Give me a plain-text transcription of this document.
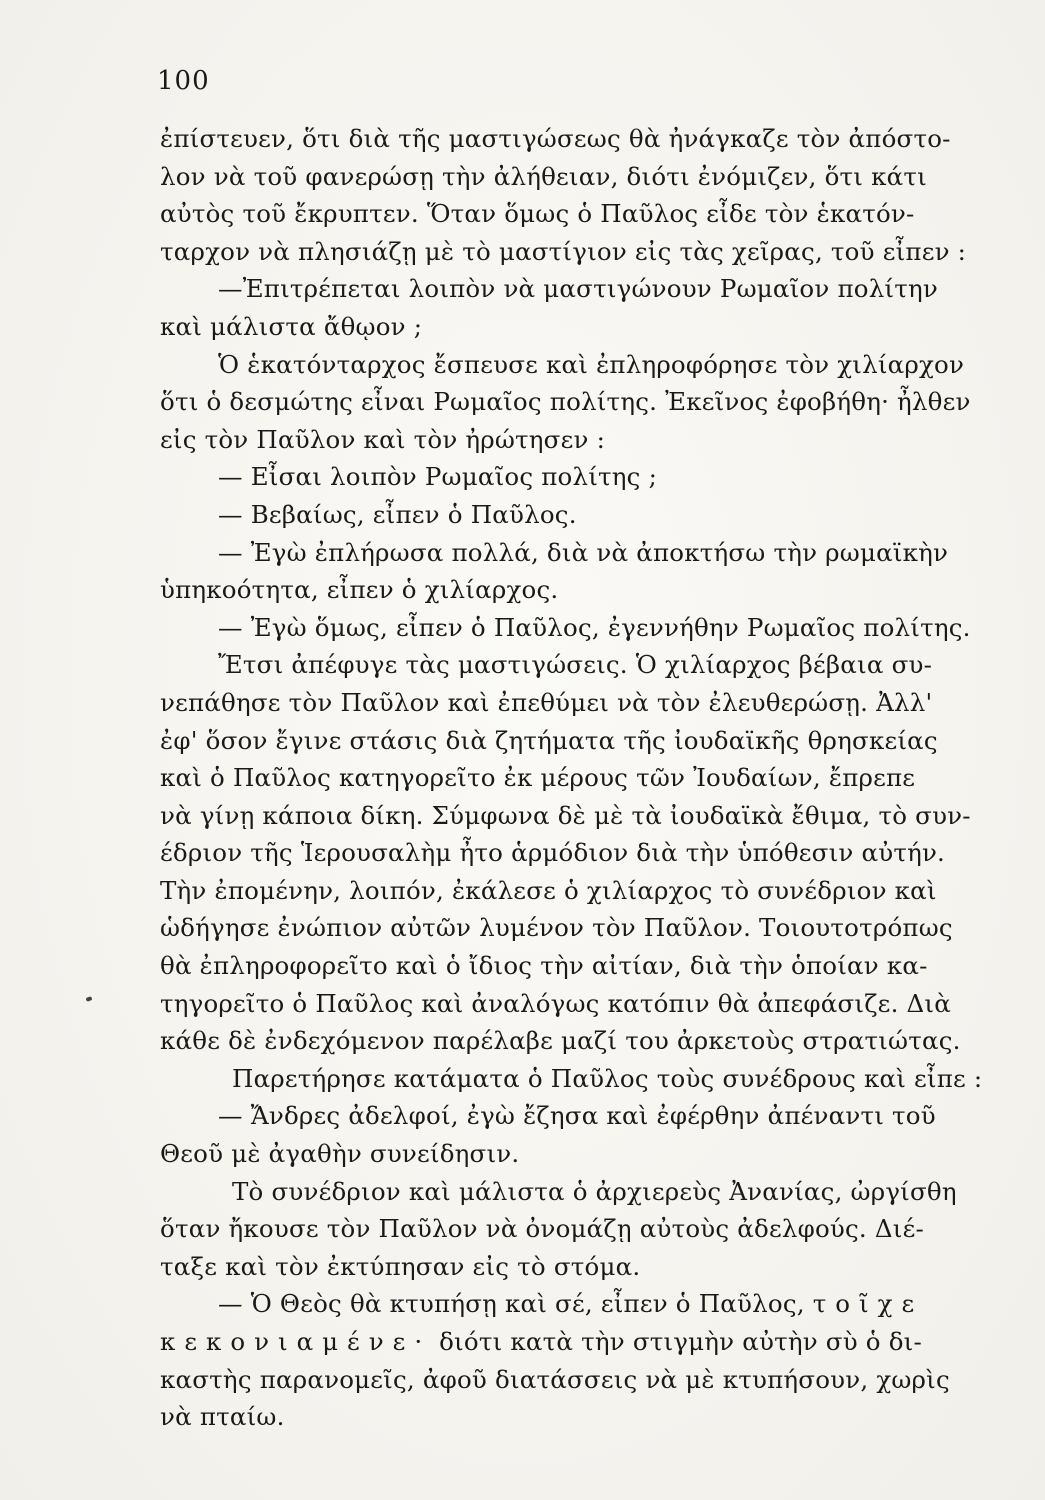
100
ἐπίστευεν, ὅτι διὰ τῆς μαστιγώσεως θὰ ἠνάγκαζε τὸν ἀπόστο-
λον νὰ τοῦ φανερώσῃ τὴν ἀλήθειαν, διότι ἐνόμιζεν, ὅτι κάτι
αὐτὸς τοῦ ἔκρυπτεν. Ὅταν ὅμως ὁ Παῦλος εἶδε τὸν ἑκατόν-
ταρχον νὰ πλησιάζῃ μὲ τὸ μαστίγιον εἰς τὰς χεῖρας, τοῦ εἶπεν :
—Ἐπιτρέπεται λοιπὸν νὰ μαστιγώνουν Ρωμαῖον πολίτην
καὶ μάλιστα ἄθῳον ;
Ὁ ἑκατόνταρχος ἔσπευσε καὶ ἐπληροφόρησε τὸν χιλίαρχον
ὅτι ὁ δεσμώτης εἶναι Ρωμαῖος πολίτης. Ἐκεῖνος ἐφοβήθη· ἦλθεν
εἰς τὸν Παῦλον καὶ τὸν ἠρώτησεν :
— Εἶσαι λοιπὸν Ρωμαῖος πολίτης ;
— Βεβαίως, εἶπεν ὁ Παῦλος.
— Ἐγὼ ἐπλήρωσα πολλά, διὰ νὰ ἀποκτήσω τὴν ρωμαϊκὴν
ὑπηκοότητα, εἶπεν ὁ χιλίαρχος.
— Ἐγὼ ὅμως, εἶπεν ὁ Παῦλος, ἐγεννήθην Ρωμαῖος πολίτης.
Ἔτσι ἀπέφυγε τὰς μαστιγώσεις. Ὁ χιλίαρχος βέβαια συ-
νεπάθησε τὸν Παῦλον καὶ ἐπεθύμει νὰ τὸν ἐλευθερώσῃ. Ἀλλ'
ἐφ' ὅσον ἔγινε στάσις διὰ ζητήματα τῆς ἰουδαϊκῆς θρησκείας
καὶ ὁ Παῦλος κατηγορεῖτο ἐκ μέρους τῶν Ἰουδαίων, ἔπρεπε
νὰ γίνῃ κάποια δίκη. Σύμφωνα δὲ μὲ τὰ ἰουδαϊκὰ ἔθιμα, τὸ συν-
έδριον τῆς Ἱερουσαλὴμ ἦτο ἁρμόδιον διὰ τὴν ὑπόθεσιν αὐτήν.
Τὴν ἐπομένην, λοιπόν, ἐκάλεσε ὁ χιλίαρχος τὸ συνέδριον καὶ
ὡδήγησε ἐνώπιον αὐτῶν λυμένον τὸν Παῦλον. Τοιουτοτρόπως
θὰ ἐπληροφορεῖτο καὶ ὁ ἴδιος τὴν αἰτίαν, διὰ τὴν ὁποίαν κα-
τηγορεῖτο ὁ Παῦλος καὶ ἀναλόγως κατόπιν θὰ ἀπεφάσιζε. Διὰ
κάθε δὲ ἐνδεχόμενον παρέλαβε μαζί του ἀρκετοὺς στρατιώτας.
Παρετήρησε κατάματα ὁ Παῦλος τοὺς συνέδρους καὶ εἶπε :
— Ἄνδρες ἀδελφοί, ἐγὼ ἔζησα καὶ ἐφέρθην ἀπέναντι τοῦ
Θεοῦ μὲ ἀγαθὴν συνείδησιν.
Τὸ συνέδριον καὶ μάλιστα ὁ ἀρχιερεὺς Ἀνανίας, ὠργίσθη
ὅταν ἤκουσε τὸν Παῦλον νὰ ὀνομάζῃ αὐτοὺς ἀδελφούς. Διέ-
ταξε καὶ τὸν ἐκτύπησαν εἰς τὸ στόμα.
— Ὁ Θεὸς θὰ κτυπήσῃ καὶ σέ, εἶπεν ὁ Παῦλος, τοῖχε
κεκονιαμένε· διότι κατὰ τὴν στιγμὴν αὐτὴν σὺ ὁ δι-
καστὴς παρανομεῖς, ἀφοῦ διατάσσεις νὰ μὲ κτυπήσουν, χωρὶς
νὰ πταίω.
